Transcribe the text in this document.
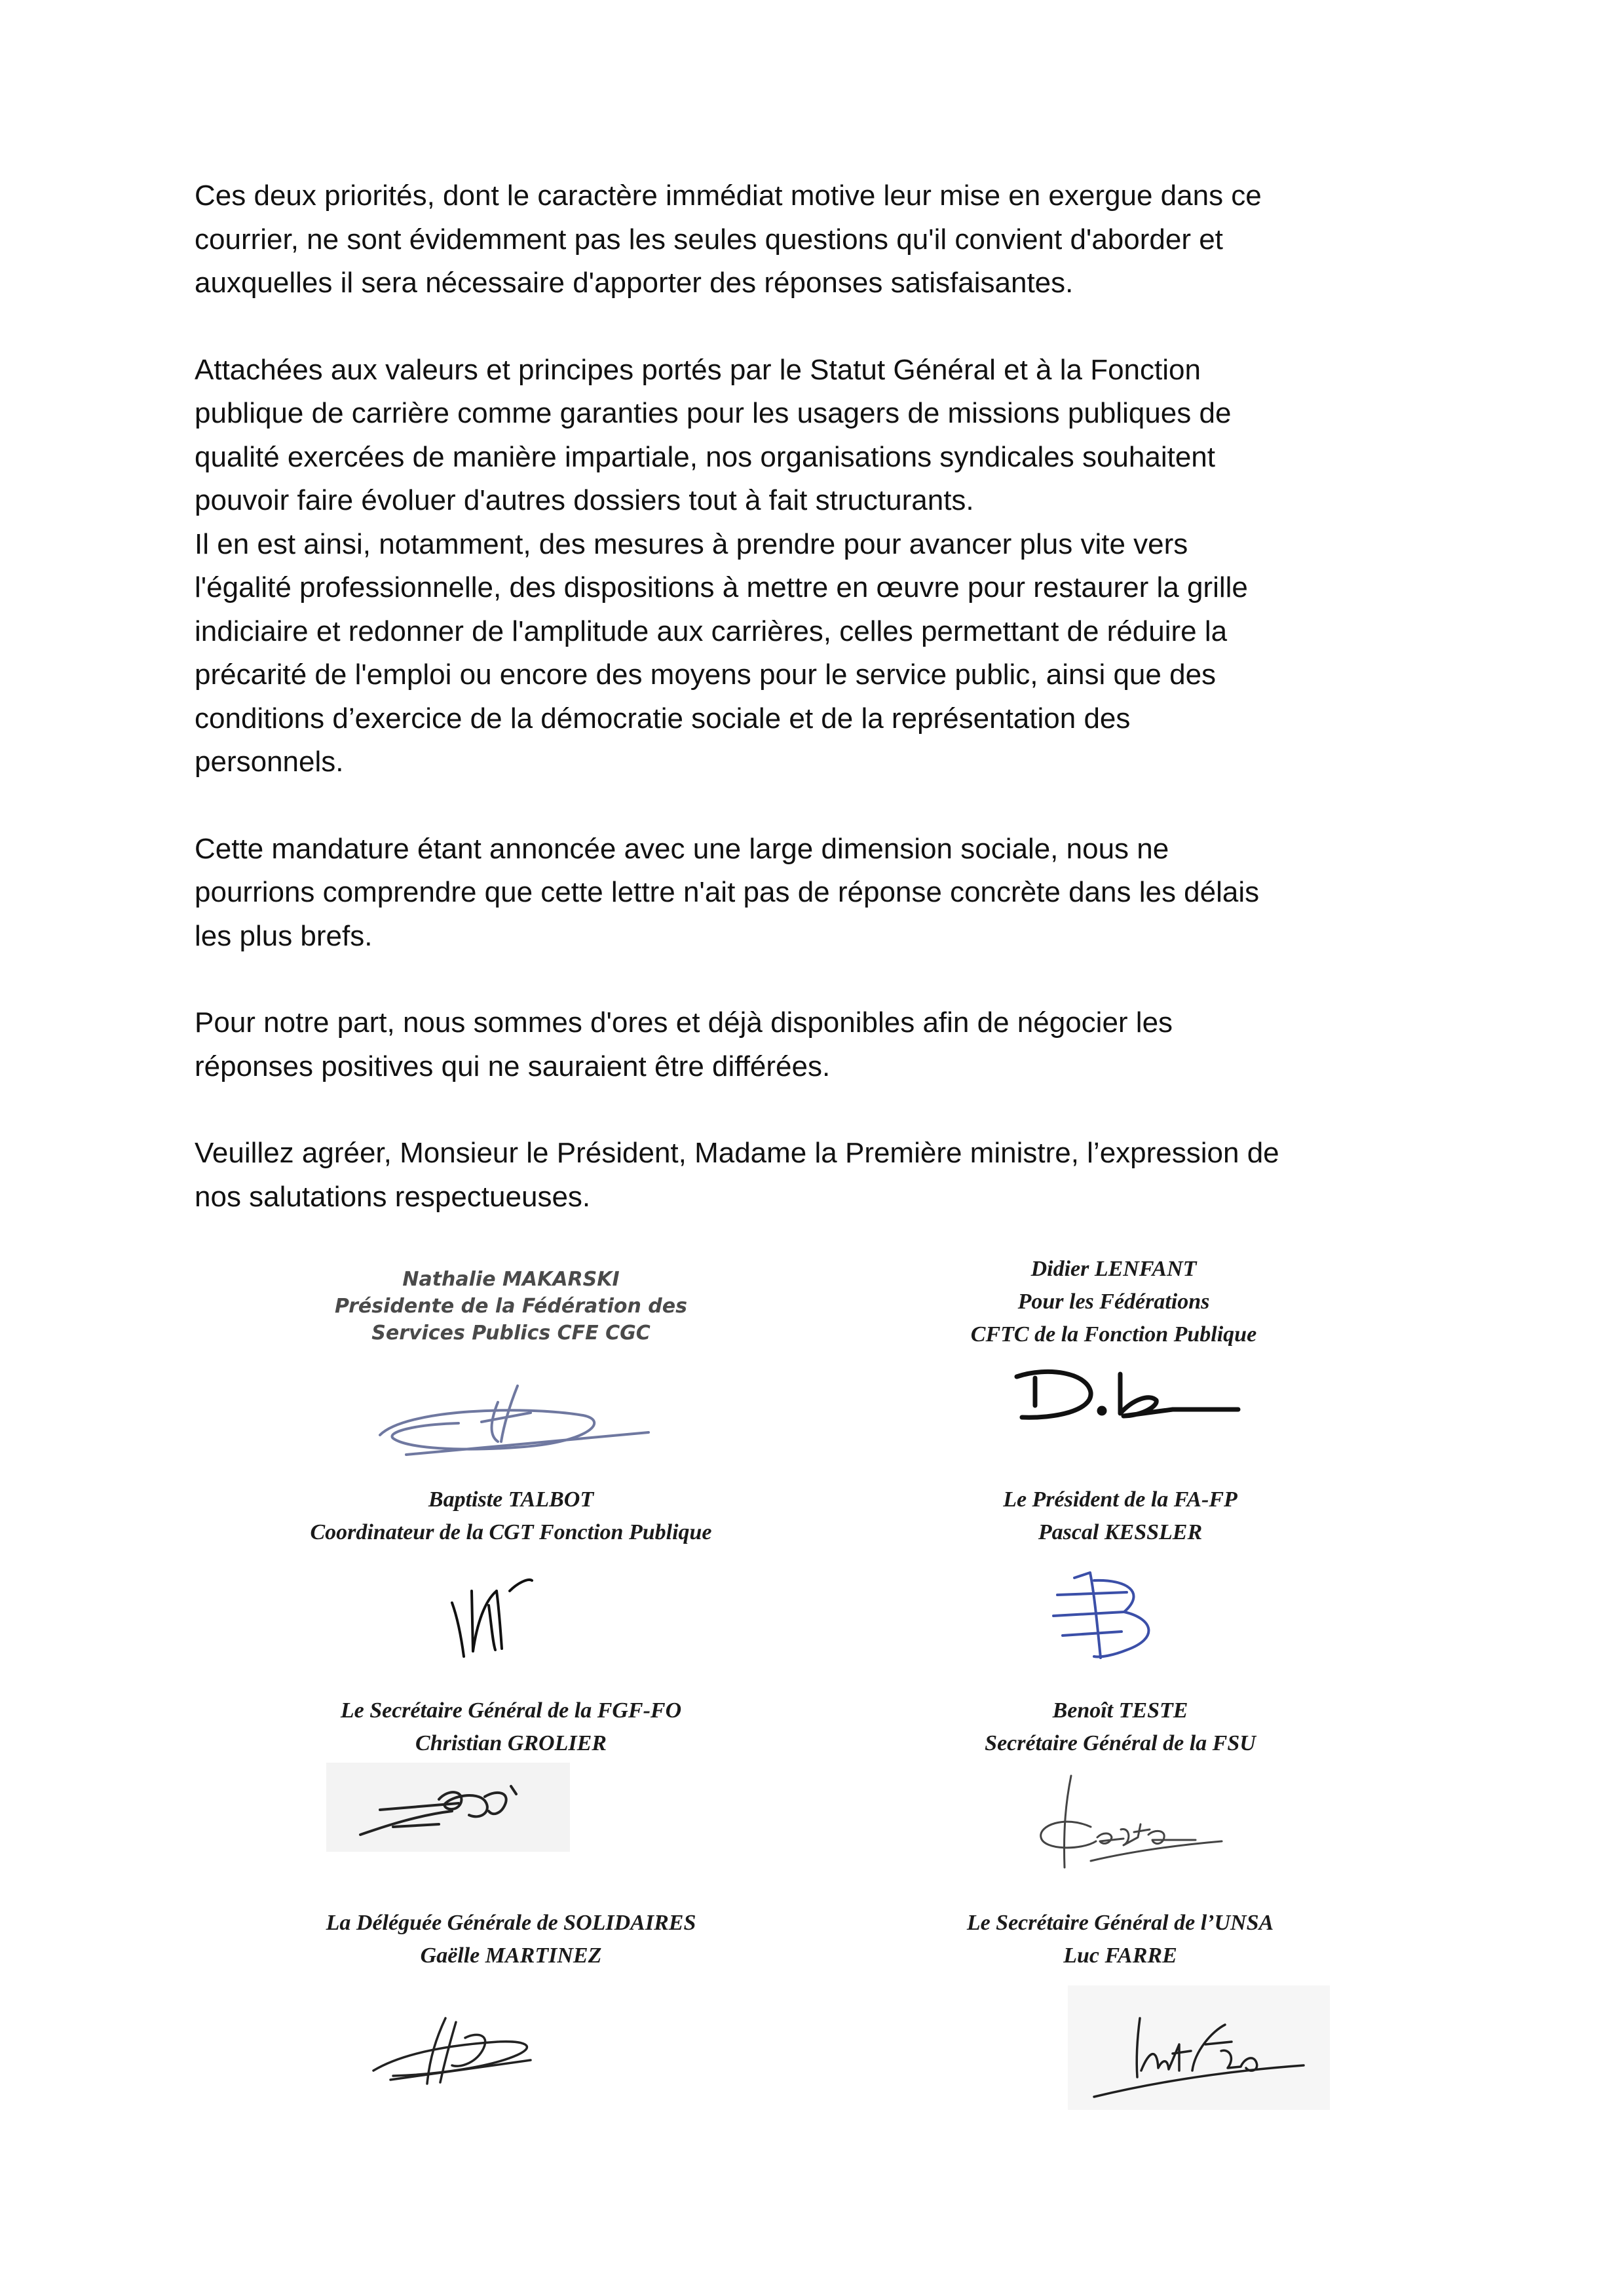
Ces deux priorités, dont le caractère immédiat motive leur mise en exergue dans ce
courrier, ne sont évidemment pas les seules questions qu'il convient d'aborder et
auxquelles il sera nécessaire d'apporter des réponses satisfaisantes.

Attachées aux valeurs et principes portés par le Statut Général et à la Fonction
publique de carrière comme garanties pour les usagers de missions publiques de
qualité exercées de manière impartiale, nos organisations syndicales souhaitent
pouvoir faire évoluer d'autres dossiers tout à fait structurants.

Il en est ainsi, notamment, des mesures à prendre pour avancer plus vite vers
l'égalité professionnelle, des dispositions à mettre en œuvre pour restaurer la grille
indiciaire et redonner de l'amplitude aux carrières, celles permettant de réduire la
précarité de l'emploi ou encore des moyens pour le service public, ainsi que des
conditions d’exercice de la démocratie sociale et de la représentation des
personnels.

Cette mandature étant annoncée avec une large dimension sociale, nous ne
pourrions comprendre que cette lettre n'ait pas de réponse concrète dans les délais
les plus brefs.

Pour notre part, nous sommes d'ores et déjà disponibles afin de négocier les
réponses positives qui ne sauraient être différées.

Veuillez agréer, Monsieur le Président, Madame la Première ministre, l’expression de
nos salutations respectueuses.

Nathalie MAKARSKI
Présidente de la Fédération des
Services Publics CFE CGC
Didier LENFANT
Pour les Fédérations
CFTC de la Fonction Publique
Baptiste TALBOT
Coordinateur de la CGT Fonction Publique
Le Président de la FA-FP
Pascal KESSLER
Le Secrétaire Général de la FGF-FO
Christian GROLIER
Benoît TESTE
Secrétaire Général de la FSU
La Déléguée Générale de SOLIDAIRES
Gaëlle MARTINEZ
Le Secrétaire Général de l’UNSA
Luc FARRE
